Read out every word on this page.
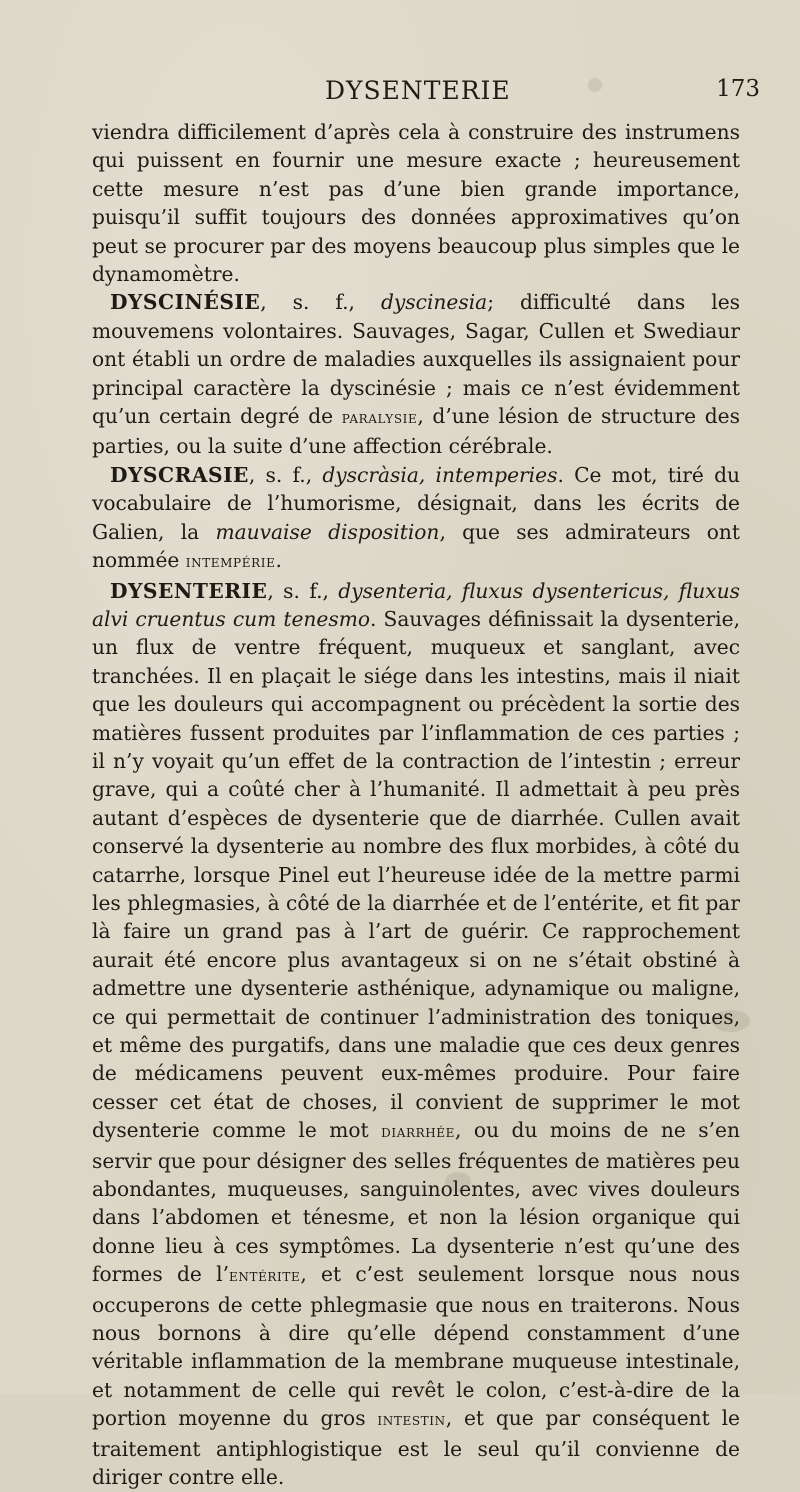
DYSENTERIE	173

viendra difficilement d’après cela à construire des instrumens qui puissent en fournir une mesure exacte ; heureusement cette mesure n’est pas d’une bien grande importance, puisqu’il suffit toujours des données approximatives qu’on peut se procurer par des moyens beaucoup plus simples que le dynamomètre.

DYSCINÉSIE, s. f., dyscinesia; difficulté dans les mouvemens volontaires. Sauvages, Sagar, Cullen et Swediaur ont établi un ordre de maladies auxquelles ils assignaient pour principal caractère la dyscinésie ; mais ce n’est évidemment qu’un certain degré de paralysie, d’une lésion de structure des parties, ou la suite d’une affection cérébrale.

DYSCRASIE, s. f., dyscràsia, intemperies. Ce mot, tiré du vocabulaire de l’humorisme, désignait, dans les écrits de Galien, la mauvaise disposition, que ses admirateurs ont nommée intempérie.

DYSENTERIE, s. f., dysenteria, fluxus dysentericus, fluxus alvi cruentus cum tenesmo. Sauvages définissait la dysenterie, un flux de ventre fréquent, muqueux et sanglant, avec tranchées. Il en plaçait le siége dans les intestins, mais il niait que les douleurs qui accompagnent ou précèdent la sortie des matières fussent produites par l’inflammation de ces parties ; il n’y voyait qu’un effet de la contraction de l’intestin ; erreur grave, qui a coûté cher à l’humanité. Il admettait à peu près autant d’espèces de dysenterie que de diarrhée. Cullen avait conservé la dysenterie au nombre des flux morbides, à côté du catarrhe, lorsque Pinel eut l’heureuse idée de la mettre parmi les phlegmasies, à côté de la diarrhée et de l’entérite, et fit par là faire un grand pas à l’art de guérir. Ce rapprochement aurait été encore plus avantageux si on ne s’était obstiné à admettre une dysenterie asthénique, adynamique ou maligne, ce qui permettait de continuer l’administration des toniques, et même des purgatifs, dans une maladie que ces deux genres de médicamens peuvent eux-mêmes produire. Pour faire cesser cet état de choses, il convient de supprimer le mot dysenterie comme le mot diarrhée, ou du moins de ne s’en servir que pour désigner des selles fréquentes de matières peu abondantes, muqueuses, sanguinolentes, avec vives douleurs dans l’abdomen et ténesme, et non la lésion organique qui donne lieu à ces symptômes. La dysenterie n’est qu’une des formes de l’entérite, et c’est seulement lorsque nous nous occuperons de cette phlegmasie que nous en traiterons. Nous nous bornons à dire qu’elle dépend constamment d’une véritable inflammation de la membrane muqueuse intestinale, et notamment de celle qui revêt le colon, c’est-à-dire de la portion moyenne du gros intestin, et que par conséquent le traitement antiphlogistique est le seul qu’il convienne de diriger contre elle.
